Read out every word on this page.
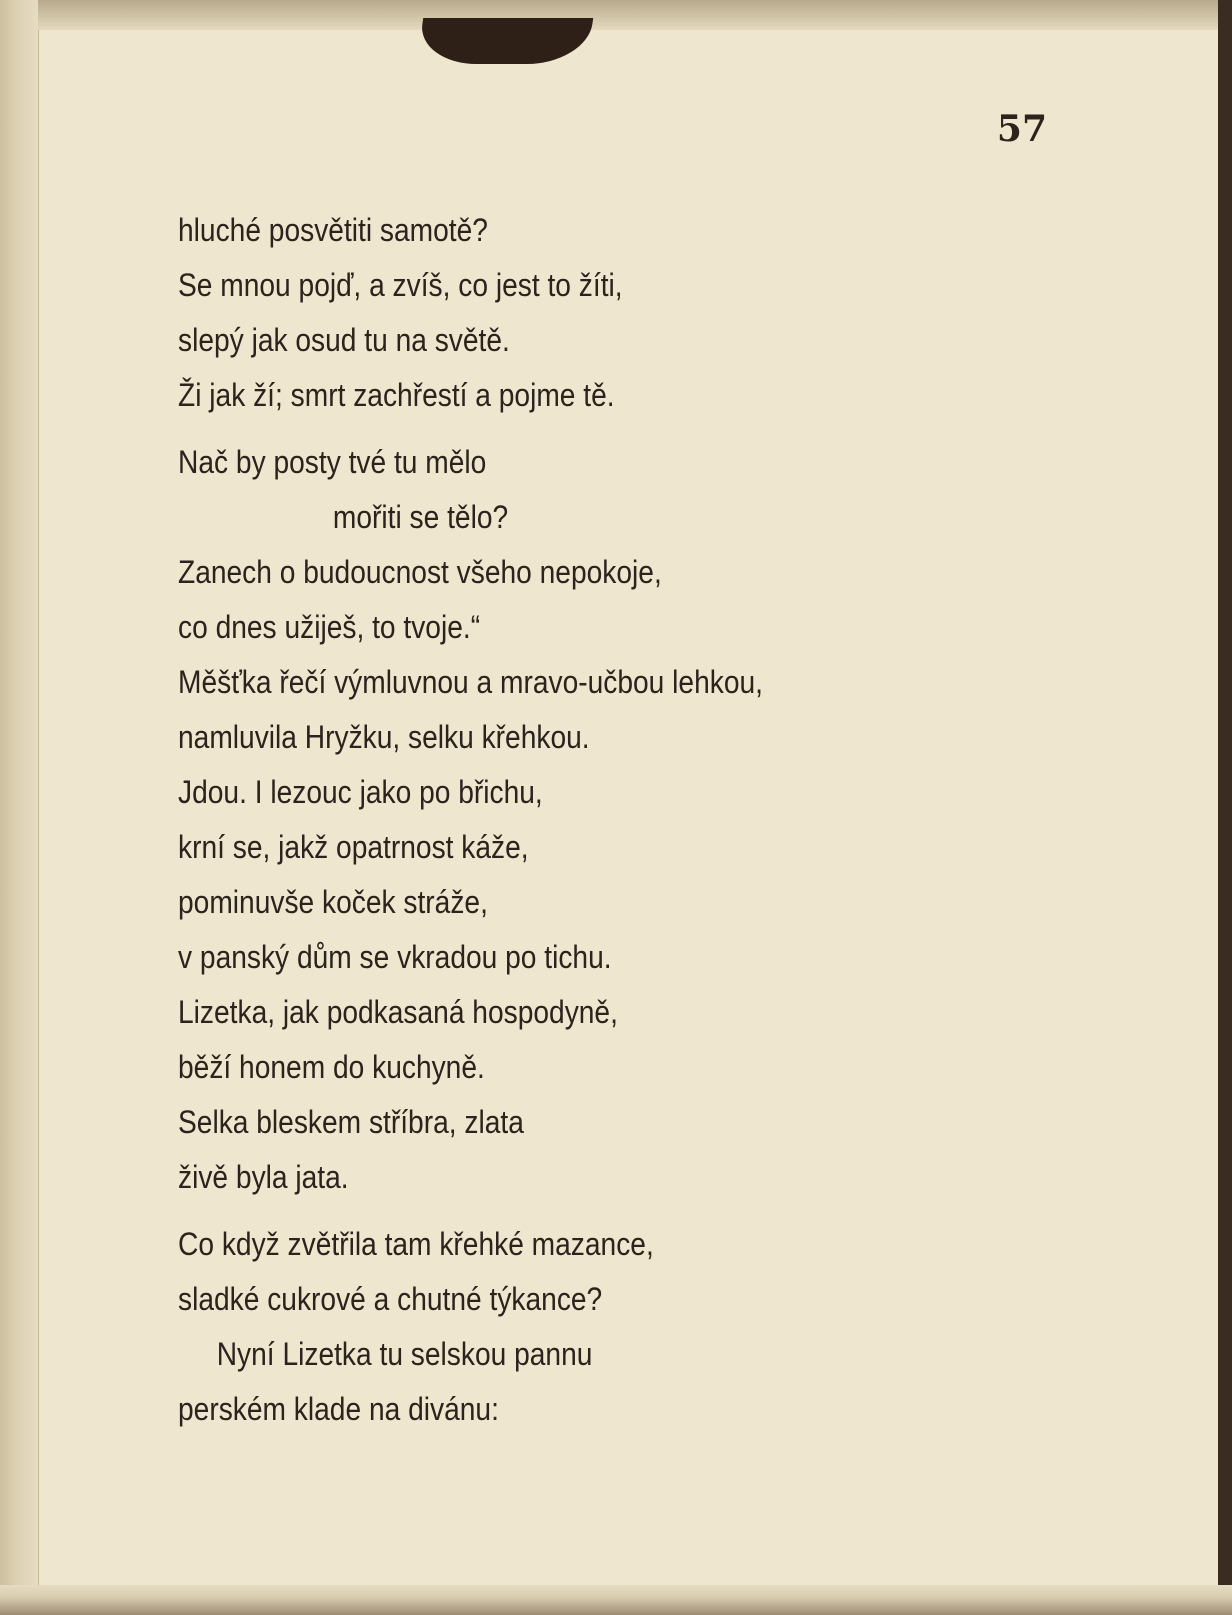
57
hluché posvětiti samotě?
Se mnou pojď, a zvíš, co jest to žíti,
slepý jak osud tu na světě.
Ži jak ží; smrt zachřestí a pojme tě.
Nač by posty tvé tu mělo
mořiti se tělo?
Zanech o budoucnost všeho nepokoje,
co dnes užiješ, to tvoje.“
Měšťka řečí výmluvnou a mravo-učbou lehkou,
namluvila Hryžku, selku křehkou.
Jdou. I lezouc jako po břichu,
krní se, jakž opatrnost káže,
pominuvše koček stráže,
v panský dům se vkradou po tichu.
Lizetka, jak podkasaná hospodyně,
běží honem do kuchyně.
Selka bleskem stříbra, zlata
živě byla jata.
Co když zvětřila tam křehké mazance,
sladké cukrové a chutné týkance?
Nyní Lizetka tu selskou pannu
perském klade na divánu:
